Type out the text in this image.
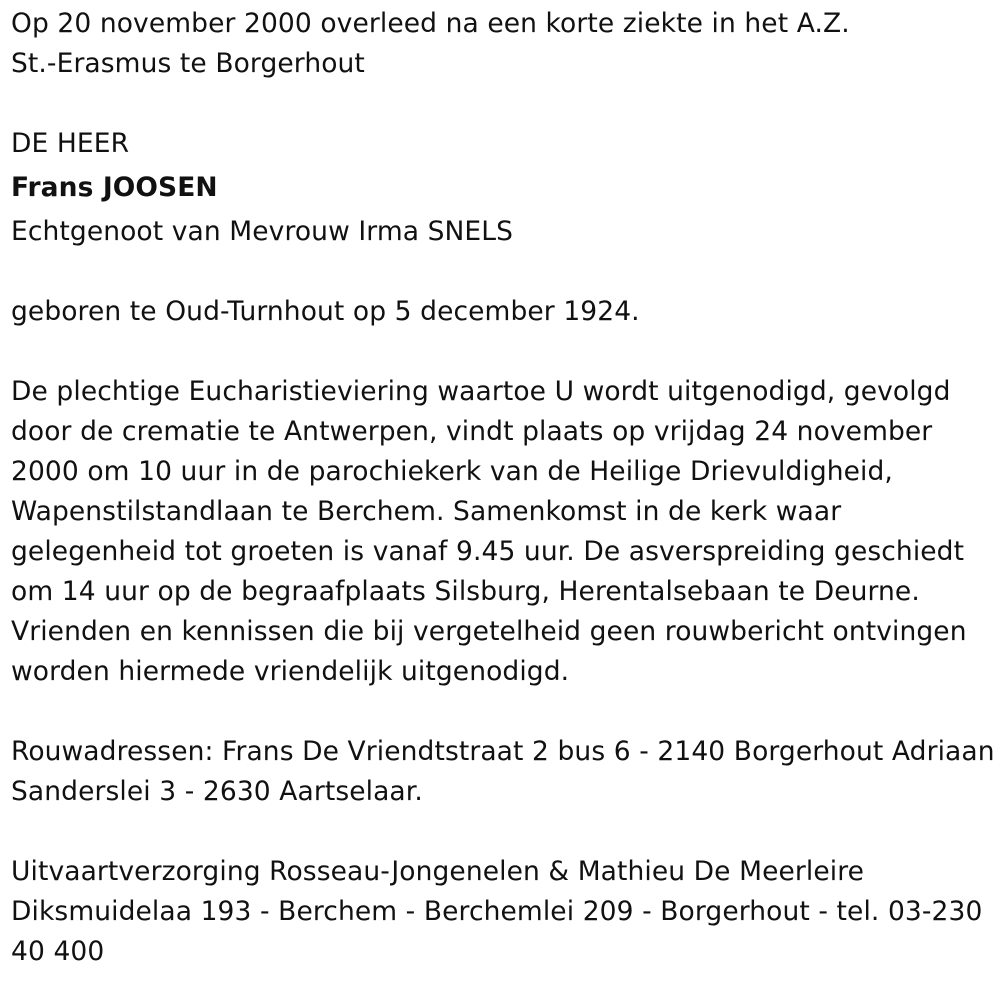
Op 20 november 2000 overleed na een korte ziekte in het A.Z.
St.-Erasmus te Borgerhout
DE HEER
Frans JOOSEN
Echtgenoot van Mevrouw Irma SNELS
geboren te Oud-Turnhout op 5 december 1924.
De plechtige Eucharistieviering waartoe U wordt uitgenodigd, gevolgd
door de crematie te Antwerpen, vindt plaats op vrijdag 24 november
2000 om 10 uur in de parochiekerk van de Heilige Drievuldigheid,
Wapenstilstandlaan te Berchem. Samenkomst in de kerk waar
gelegenheid tot groeten is vanaf 9.45 uur. De asverspreiding geschiedt
om 14 uur op de begraafplaats Silsburg, Herentalsebaan te Deurne.
Vrienden en kennissen die bij vergetelheid geen rouwbericht ontvingen
worden hiermede vriendelijk uitgenodigd.
Rouwadressen: Frans De Vriendtstraat 2 bus 6 - 2140 Borgerhout Adriaan
Sanderslei 3 - 2630 Aartselaar.
Uitvaartverzorging Rosseau-Jongenelen & Mathieu De Meerleire
Diksmuidelaa 193 - Berchem - Berchemlei 209 - Borgerhout - tel. 03-230
40 400
